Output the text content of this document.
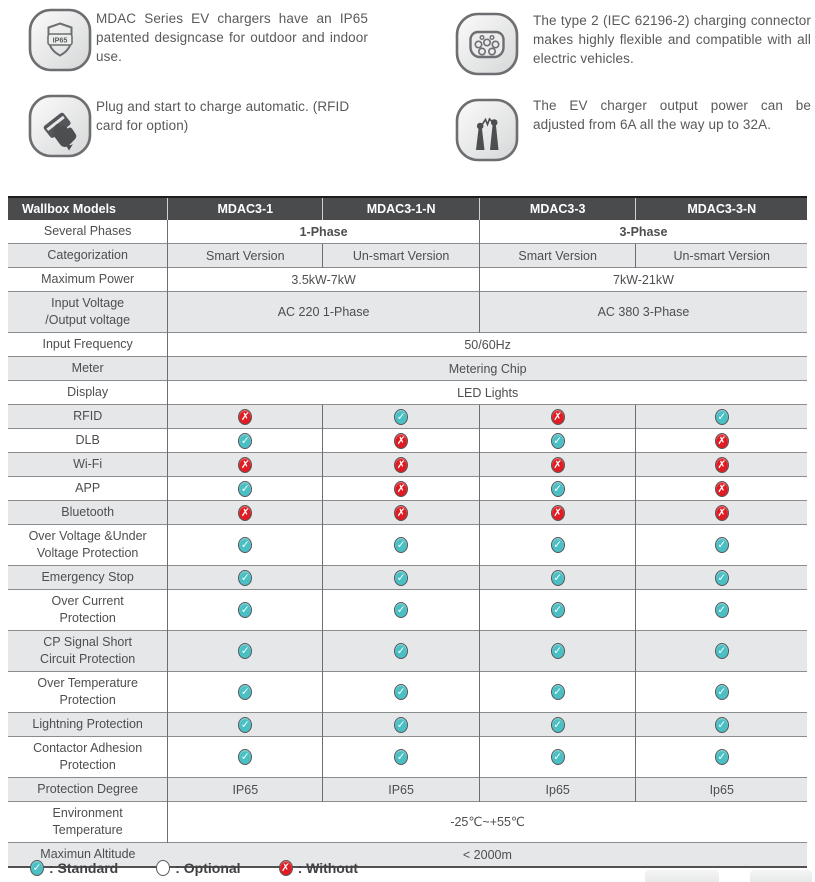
IP65
MDAC Series EV chargers have an IP65 patented designcase for outdoor and indoor use.
Plug and start to charge automatic. (RFID card for option)
The type 2 (IEC 62196-2) charging connector makes highly flexible and compatible with all electric vehicles.
The EV charger output power can be adjusted from 6A all the way up to 32A.
Wallbox Models	MDAC3-1	MDAC3-1-N	MDAC3-3	MDAC3-3-N

Several Phases	1-Phase		3-Phase	

Categorization	Smart Version	Un-smart Version	Smart Version	Un-smart Version

Maximum Power	3.5kW-7kW		7kW-21kW	

Input Voltage
/Output voltage	AC 220 1-Phase		AC 380 3-Phase	

Input Frequency	50/60Hz			

Meter	Metering Chip			

Display	LED Lights			

RFID	✗	✓	✗	✓

DLB	✓	✗	✓	✗

Wi-Fi	✗	✗	✗	✗

APP	✓	✗	✓	✗

Bluetooth	✗	✗	✗	✗

Over Voltage &Under
Voltage Protection	✓	✓	✓	✓

Emergency Stop	✓	✓	✓	✓

Over Current
Protection	✓	✓	✓	✓

CP Signal Short
Circuit Protection	✓	✓	✓	✓

Over Temperature
Protection	✓	✓	✓	✓

Lightning Protection	✓	✓	✓	✓

Contactor Adhesion
Protection	✓	✓	✓	✓

Protection Degree	IP65	IP65	Ip65	Ip65

Environment
Temperature	-25℃~+55℃			

Maximun Altitude	< 2000m			
✓ : Standard	: Optional	✗ : Without
